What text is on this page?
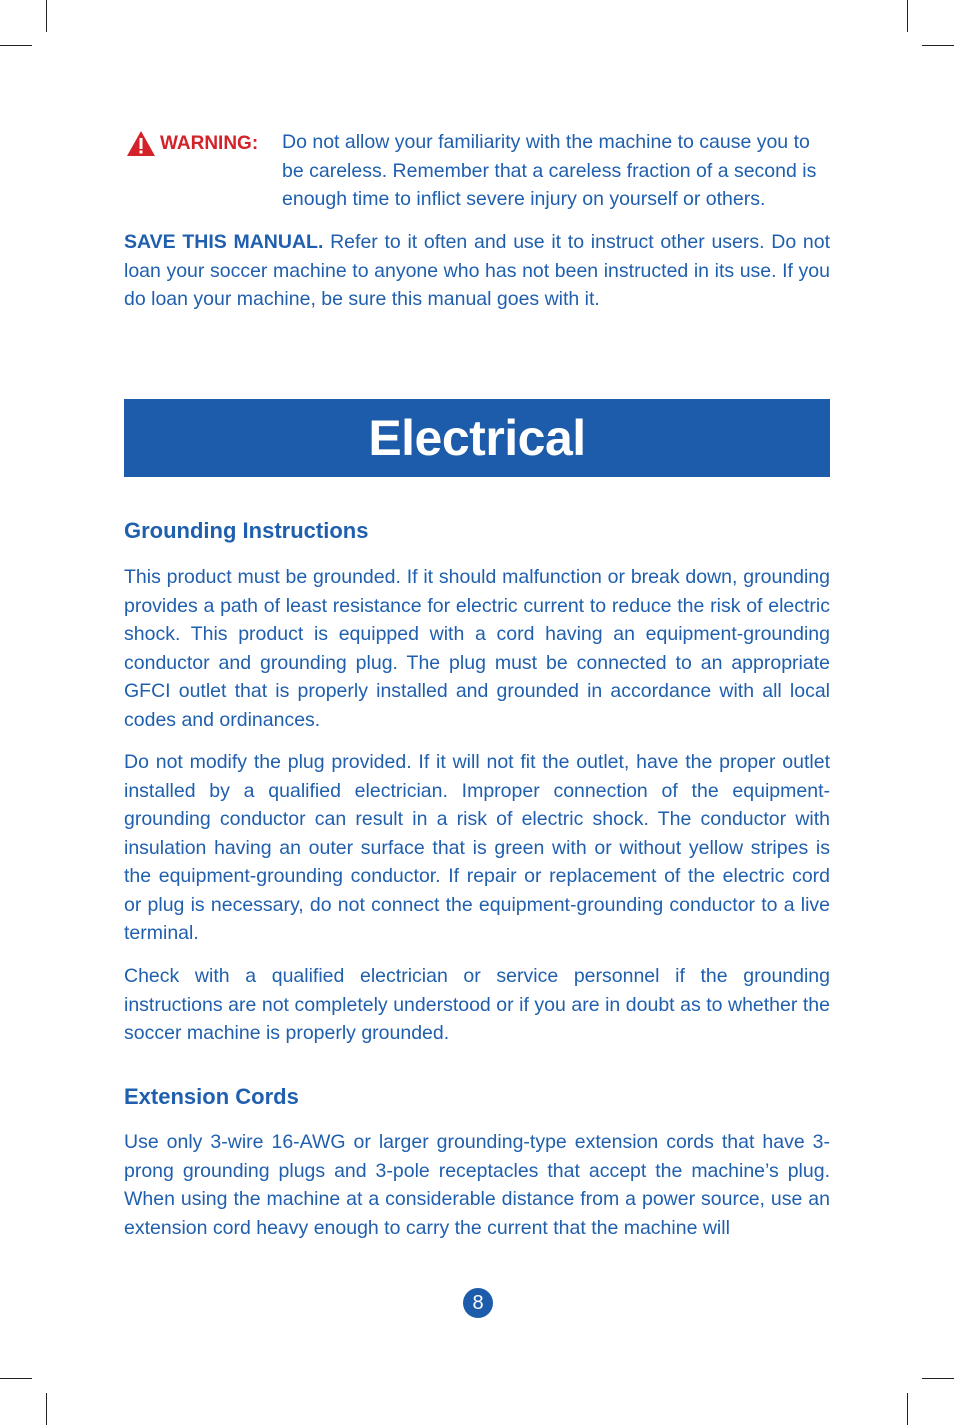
WARNING: Do not allow your familiarity with the machine to cause you to be careless. Remember that a careless fraction of a second is enough time to inflict severe injury on yourself or others.
SAVE THIS MANUAL. Refer to it often and use it to instruct other users. Do not loan your soccer machine to anyone who has not been instructed in its use. If you do loan your machine, be sure this manual goes with it.
Electrical
Grounding Instructions
This product must be grounded. If it should malfunction or break down, grounding provides a path of least resistance for electric current to reduce the risk of electric shock. This product is equipped with a cord having an equipment-grounding conductor and grounding plug. The plug must be connected to an appropriate GFCI outlet that is properly installed and grounded in accordance with all local codes and ordinances.
Do not modify the plug provided. If it will not fit the outlet, have the proper outlet installed by a qualified electrician. Improper connection of the equipment-grounding conductor can result in a risk of electric shock. The conductor with insulation having an outer surface that is green with or without yellow stripes is the equipment-grounding conductor. If repair or replacement of the electric cord or plug is necessary, do not connect the equipment-grounding conductor to a live terminal.
Check with a qualified electrician or service personnel if the grounding instructions are not completely understood or if you are in doubt as to whether the soccer machine is properly grounded.
Extension Cords
Use only 3-wire 16-AWG or larger grounding-type extension cords that have 3-prong grounding plugs and 3-pole receptacles that accept the machine’s plug. When using the machine at a considerable distance from a power source, use an extension cord heavy enough to carry the current that the machine will
8
